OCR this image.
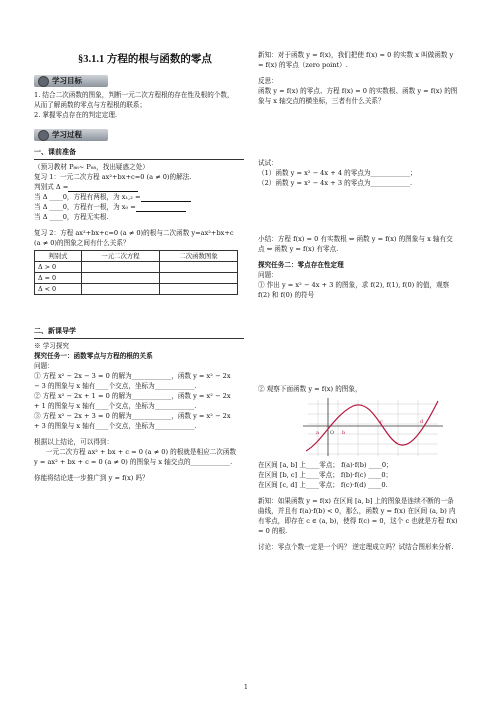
§3.1.1 方程的根与函数的零点
学习目标

1. 结合二次函数的图象，判断一元二次方程根的存在性及根的个数，从而了解函数的零点与方程根的联系；

2. 掌握零点存在的判定定理.

学习过程
一、课前准备

（预习教材 P₈₆~ P₈₈，找出疑惑之处）

复习 1：一元二次方程 ax²+bx+c=0 (a ≠ 0)的解法.

判别式 Δ =

当 Δ ____0，方程有两根，为 x₁,₂ =

当 Δ ____0，方程有一根，为 x₀ =

当 Δ ____0，方程无实根.

复习 2：方程 ax²+bx+c=0 (a ≠ 0)的根与二次函数 y=ax²+bx+c (a ≠ 0)的图象之间有什么关系？

判别式	一元二次方程	二次函数图象
Δ > 0		
Δ = 0		
Δ < 0		
二、新课导学

※ 学习探究

探究任务一：函数零点与方程的根的关系

问题：

① 方程 x² − 2x − 3 = 0 的解为____________，函数 y = x² − 2x − 3 的图象与 x 轴有____个交点，坐标为____________.

② 方程 x² − 2x + 1 = 0 的解为____________，函数 y = x² − 2x + 1 的图象与 x 轴有____个交点，坐标为____________.

③ 方程 x² − 2x + 3 = 0 的解为____________，函数 y = x² − 2x + 3 的图象与 x 轴有____个交点，坐标为____________.

根据以上结论，可以得到：

一元二次方程 ax² + bx + c = 0 (a ≠ 0) 的根就是相应二次函数 y = ax² + bx + c = 0 (a ≠ 0) 的图象与 x 轴交点的____________.

你能将结论进一步推广到 y = f(x) 吗？

新知：对于函数 y = f(x)，我们把使 f(x) = 0 的实数 x 叫做函数 y = f(x) 的零点（zero point）.

反思：

函数 y = f(x) 的零点、方程 f(x) = 0 的实数根、函数 y = f(x) 的图象与 x 轴交点的横坐标，三者有什么关系？

试试：

（1）函数 y = x² − 4x + 4 的零点为____________；

（2）函数 y = x² − 4x + 3 的零点为____________.

小结：方程 f(x) = 0 有实数根 ⇔ 函数 y = f(x) 的图象与 x 轴有交点 ⇔ 函数 y = f(x) 有零点.

探究任务二：零点存在性定理

问题：

① 作出 y = x² − 4x + 3 的图象，求 f(2), f(1), f(0) 的值，观察 f(2) 和 f(0) 的符号

② 观察下面函数 y = f(x) 的图象，

a O b
c	d

在区间 [a, b] 上____零点； f(a)·f(b) ____0；

在区间 [b, c] 上____零点； f(b)·f(c) ____0；

在区间 [c, d] 上____零点； f(c)·f(d) ____0.

新知：如果函数 y = f(x) 在区间 [a, b] 上的图象是连续不断的一条曲线，并且有 f(a)·f(b) < 0，那么，函数 y = f(x) 在区间 (a, b) 内有零点，即存在 c ∈ (a, b)，使得 f(c) = 0，这个 c 也就是方程 f(x) = 0 的根.

讨论：零点个数一定是一个吗？ 逆定理成立吗？试结合图形来分析.

1
